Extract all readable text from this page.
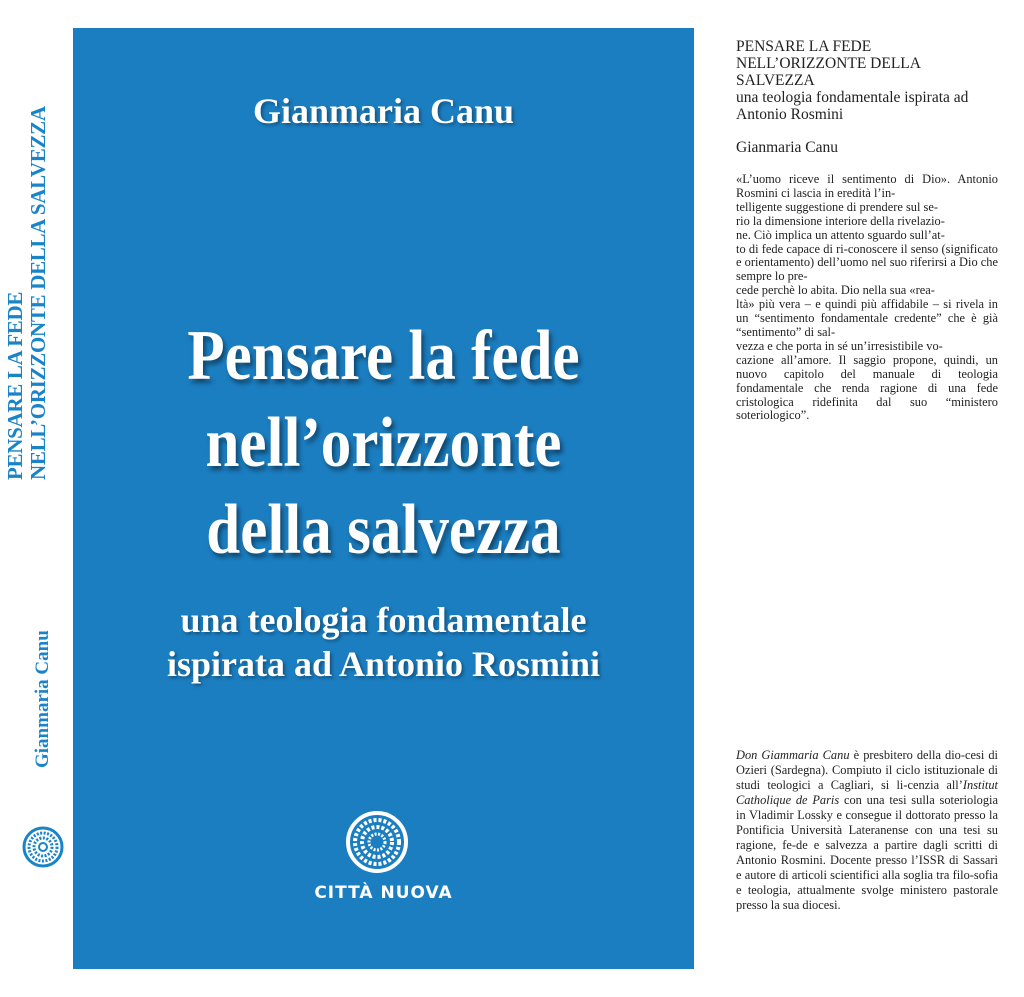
PENSARE LA FEDE NELL’ORIZZONTE DELLA SALVEZZA
Gianmaria Canu
Gianmaria Canu
Pensare la fede
nell’orizzonte
della salvezza
una teologia fondamentale
ispirata ad Antonio Rosmini
CITTÀ NUOVA
PENSARE LA FEDE
NELL’ORIZZONTE DELLA
SALVEZZA
una teologia fondamentale ispirata ad
Antonio Rosmini
Gianmaria Canu
«L’uomo riceve il sentimento di Dio». Antonio Rosmini ci lascia in eredità l’in-
telligente suggestione di prendere sul se-
rio la dimensione interiore della rivelazio-
ne. Ciò implica un attento sguardo sull’at-
to di fede capace di ri-conoscere il senso (significato e orientamento) dell’uomo nel suo riferirsi a Dio che sempre lo pre-
cede perchè lo abita. Dio nella sua «rea-
ltà» più vera – e quindi più affidabile – si rivela in un “sentimento fondamentale credente” che è già “sentimento” di sal-
vezza e che porta in sé un’irresistibile vo-
cazione all’amore. Il saggio propone, quindi, un nuovo capitolo del manuale di teologia fondamentale che renda ragione di una fede cristologica ridefinita dal suo “ministero soteriologico”.
Don Giammaria Canu è presbitero della dio-cesi di Ozieri (Sardegna). Compiuto il ciclo istituzionale di studi teologici a Cagliari, si li-cenzia all’Institut Catholique de Paris con una tesi sulla soteriologia in Vladimir Lossky e consegue il dottorato presso la Pontificia Università Lateranense con una tesi su ragione, fe-de e salvezza a partire dagli scritti di Antonio Rosmini. Docente presso l’ISSR di Sassari e autore di articoli scientifici alla soglia tra filo-sofia e teologia, attualmente svolge ministero pastorale presso la sua diocesi.
